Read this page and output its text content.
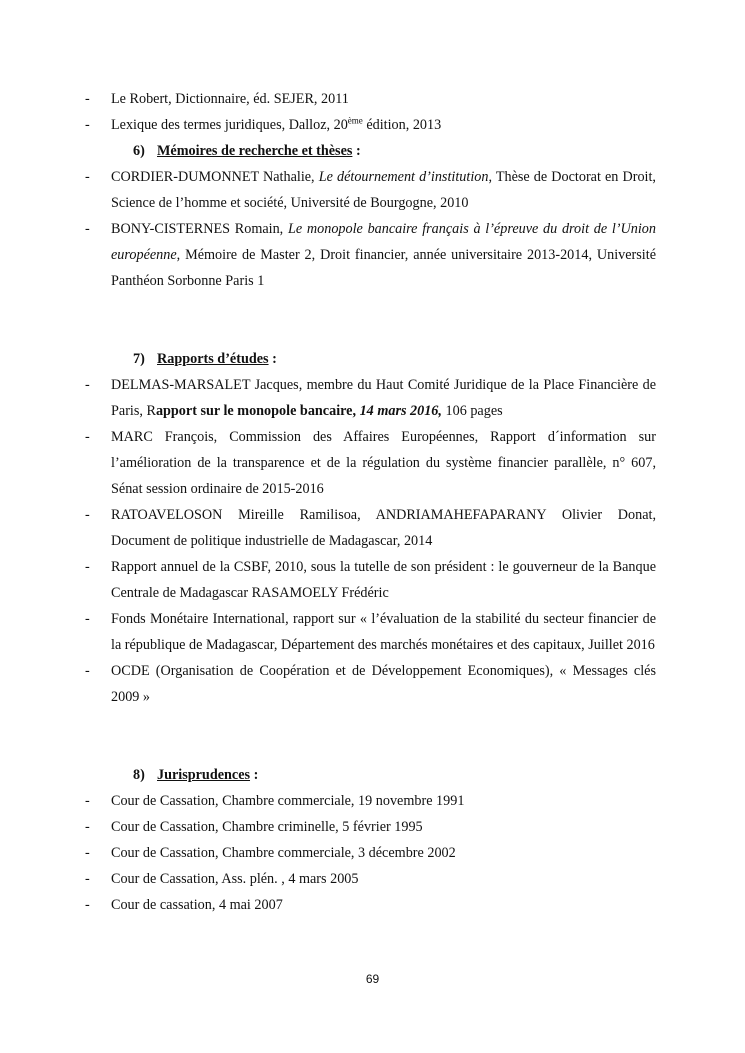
- Le Robert, Dictionnaire, éd. SEJER, 2011
- Lexique des termes juridiques, Dalloz, 20ème édition, 2013
6) Mémoires de recherche et thèses :
- CORDIER-DUMONNET Nathalie, Le détournement d’institution, Thèse de Doctorat en Droit, Science de l’homme et société, Université de Bourgogne, 2010
- BONY-CISTERNES Romain, Le monopole bancaire français à l’épreuve du droit de l’Union européenne, Mémoire de Master 2, Droit financier, année universitaire 2013-2014, Université Panthéon Sorbonne Paris 1
7) Rapports d’études :
- DELMAS-MARSALET Jacques, membre du Haut Comité Juridique de la Place Financière de Paris, Rapport sur le monopole bancaire, 14 mars 2016, 106 pages
- MARC François, Commission des Affaires Européennes, Rapport d´information sur l’amélioration de la transparence et de la régulation du système financier parallèle, n° 607, Sénat session ordinaire de 2015-2016
- RATOAVELOSON Mireille Ramilisoa, ANDRIAMAHEFAPARANY Olivier Donat, Document de politique industrielle de Madagascar, 2014
- Rapport annuel de la CSBF, 2010, sous la tutelle de son président : le gouverneur de la Banque Centrale de Madagascar RASAMOELY Frédéric
- Fonds Monétaire International, rapport sur « l’évaluation de la stabilité du secteur financier de la république de Madagascar, Département des marchés monétaires et des capitaux, Juillet 2016
- OCDE (Organisation de Coopération et de Développement Economiques), « Messages clés 2009 »
8) Jurisprudences :
- Cour de Cassation, Chambre commerciale, 19 novembre 1991
- Cour de Cassation, Chambre criminelle, 5 février 1995
- Cour de Cassation, Chambre commerciale, 3 décembre 2002
- Cour de Cassation, Ass. plén. , 4 mars 2005
- Cour de cassation, 4 mai 2007
69
